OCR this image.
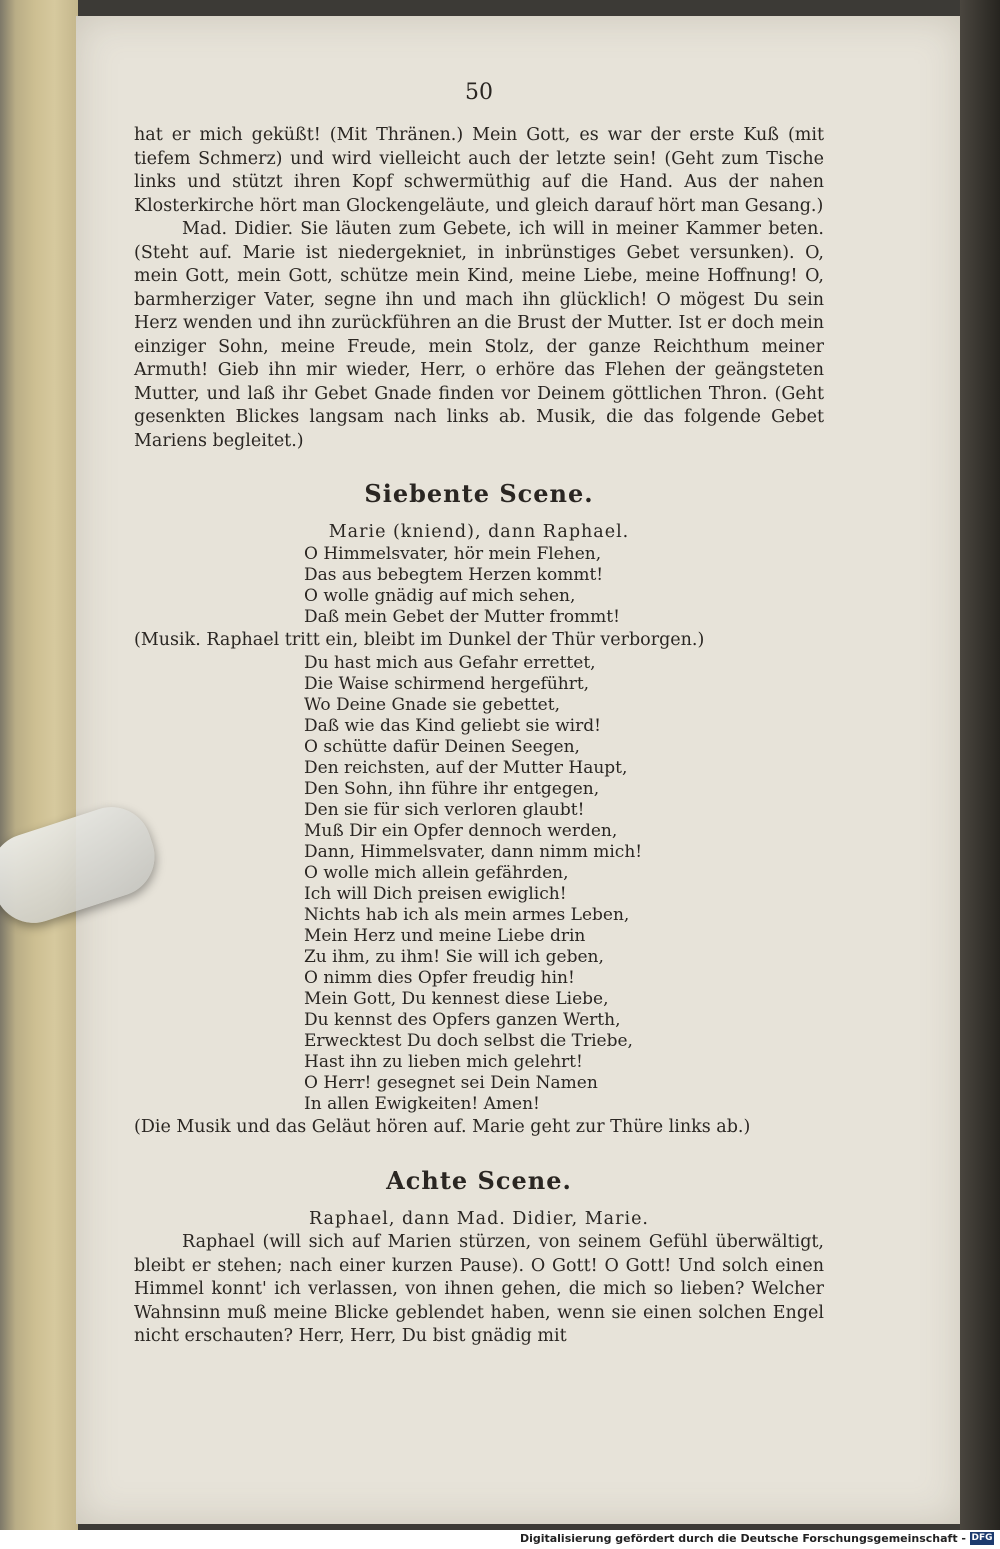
50

hat er mich geküßt! (Mit Thränen.) Mein Gott, es war der erste Kuß (mit tiefem Schmerz) und wird vielleicht auch der letzte sein! (Geht zum Tische links und stützt ihren Kopf schwermüthig auf die Hand. Aus der nahen Klosterkirche hört man Glockengeläute, und gleich darauf hört man Gesang.)

Mad. Didier. Sie läuten zum Gebete, ich will in meiner Kammer beten. (Steht auf. Marie ist niedergekniet, in inbrünstiges Gebet versunken). O, mein Gott, mein Gott, schütze mein Kind, meine Liebe, meine Hoffnung! O, barmherziger Vater, segne ihn und mach ihn glücklich! O mögest Du sein Herz wenden und ihn zurückführen an die Brust der Mutter. Ist er doch mein einziger Sohn, meine Freude, mein Stolz, der ganze Reichthum meiner Armuth! Gieb ihn mir wieder, Herr, o erhöre das Flehen der geängsteten Mutter, und laß ihr Gebet Gnade finden vor Deinem göttlichen Thron. (Geht gesenkten Blickes langsam nach links ab. Musik, die das folgende Gebet Mariens begleitet.)

Siebente Scene.
Marie (kniend), dann Raphael.
O Himmelsvater, hör mein Flehen,
Das aus bebegtem Herzen kommt!
O wolle gnädig auf mich sehen,
Daß mein Gebet der Mutter frommt!
(Musik. Raphael tritt ein, bleibt im Dunkel der Thür verborgen.)
Du hast mich aus Gefahr errettet,
Die Waise schirmend hergeführt,
Wo Deine Gnade sie gebettet,
Daß wie das Kind geliebt sie wird!
O schütte dafür Deinen Seegen,
Den reichsten, auf der Mutter Haupt,
Den Sohn, ihn führe ihr entgegen,
Den sie für sich verloren glaubt!
Muß Dir ein Opfer dennoch werden,
Dann, Himmelsvater, dann nimm mich!
O wolle mich allein gefährden,
Ich will Dich preisen ewiglich!
Nichts hab ich als mein armes Leben,
Mein Herz und meine Liebe drin
Zu ihm, zu ihm! Sie will ich geben,
O nimm dies Opfer freudig hin!
Mein Gott, Du kennest diese Liebe,
Du kennst des Opfers ganzen Werth,
Erwecktest Du doch selbst die Triebe,
Hast ihn zu lieben mich gelehrt!
O Herr! gesegnet sei Dein Namen
In allen Ewigkeiten! Amen!
(Die Musik und das Geläut hören auf. Marie geht zur Thüre links ab.)
Achte Scene.
Raphael, dann Mad. Didier, Marie.

Raphael (will sich auf Marien stürzen, von seinem Gefühl überwältigt, bleibt er stehen; nach einer kurzen Pause). O Gott! O Gott! Und solch einen Himmel konnt' ich verlassen, von ihnen gehen, die mich so lieben? Welcher Wahnsinn muß meine Blicke geblendet haben, wenn sie einen solchen Engel nicht erschauten? Herr, Herr, Du bist gnädig mit

Digitalisierung gefördert durch die Deutsche Forschungsgemeinschaft - DFG
